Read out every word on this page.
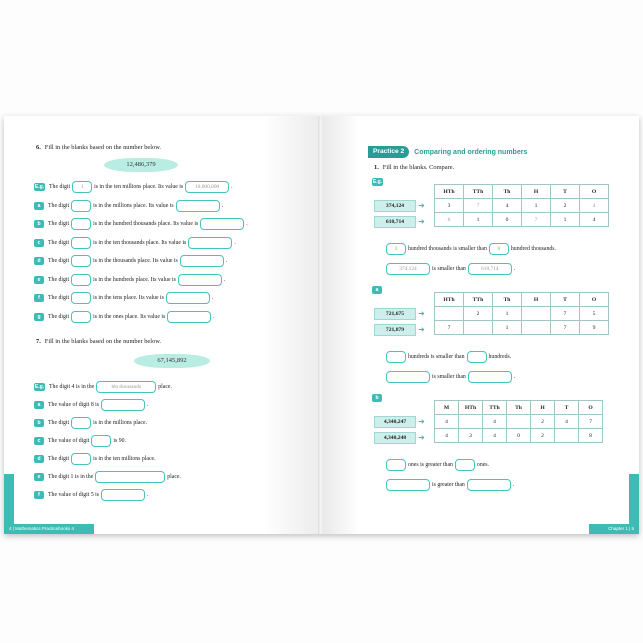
6. Fill in the blanks based on the number below.
12,486,379
E.g. The digit	1	is in the ten millions place. Its value is	10,000,000	.
a	The digit	is in the millions place. Its value is	.
b	The digit	is in the hundred thousands place. Its value is	.
c	The digit	is in the ten thousands place. Its value is	.
d	The digit	is in the thousands place. Its value is	.
e	The digit	is in the hundreds place. Its value is	.
f	The digit	is in the tens place. Its value is	.
g	The digit	is in the ones place. Its value is	.
7. Fill in the blanks based on the number below.
67,145,892
E.g. The digit 4 is in the	ten thousands	place.
a	The value of digit 8 is	.
b	The digit	is in the millions place.
c	The value of digit	is 90.
d	The digit	is in the ten millions place.
e	The digit 1 is in the	place.
f	The value of digit 5 is	.
4 | Mathematics Practicebooks 4
Practice 2	Comparing and ordering numbers
1. Fill in the blanks. Compare.
E.g.
HTh	TTh	Th	H	T	O
3	7	4	1	2	4
6	1	0	7	1	4
374,124	➜
610,714	➜
3	hundred thousands is smaller than	6	hundred thousands.
374,124	is smaller than	610,714	.
a
HTh	TTh	Th	H	T	O
	2	1		7	5
7		1		7	9
721,675	➜
721,879	➜
hundreds is smaller than	hundreds.
is smaller than	.
b
M	HTh	TTh	Th	H	T	O
4		4		2	4	7
4	3	4	0	2		8
4,340,247	➜
4,340,248	➜
ones is greater than	ones.
is greater than	.
Chapter 1 | 5
